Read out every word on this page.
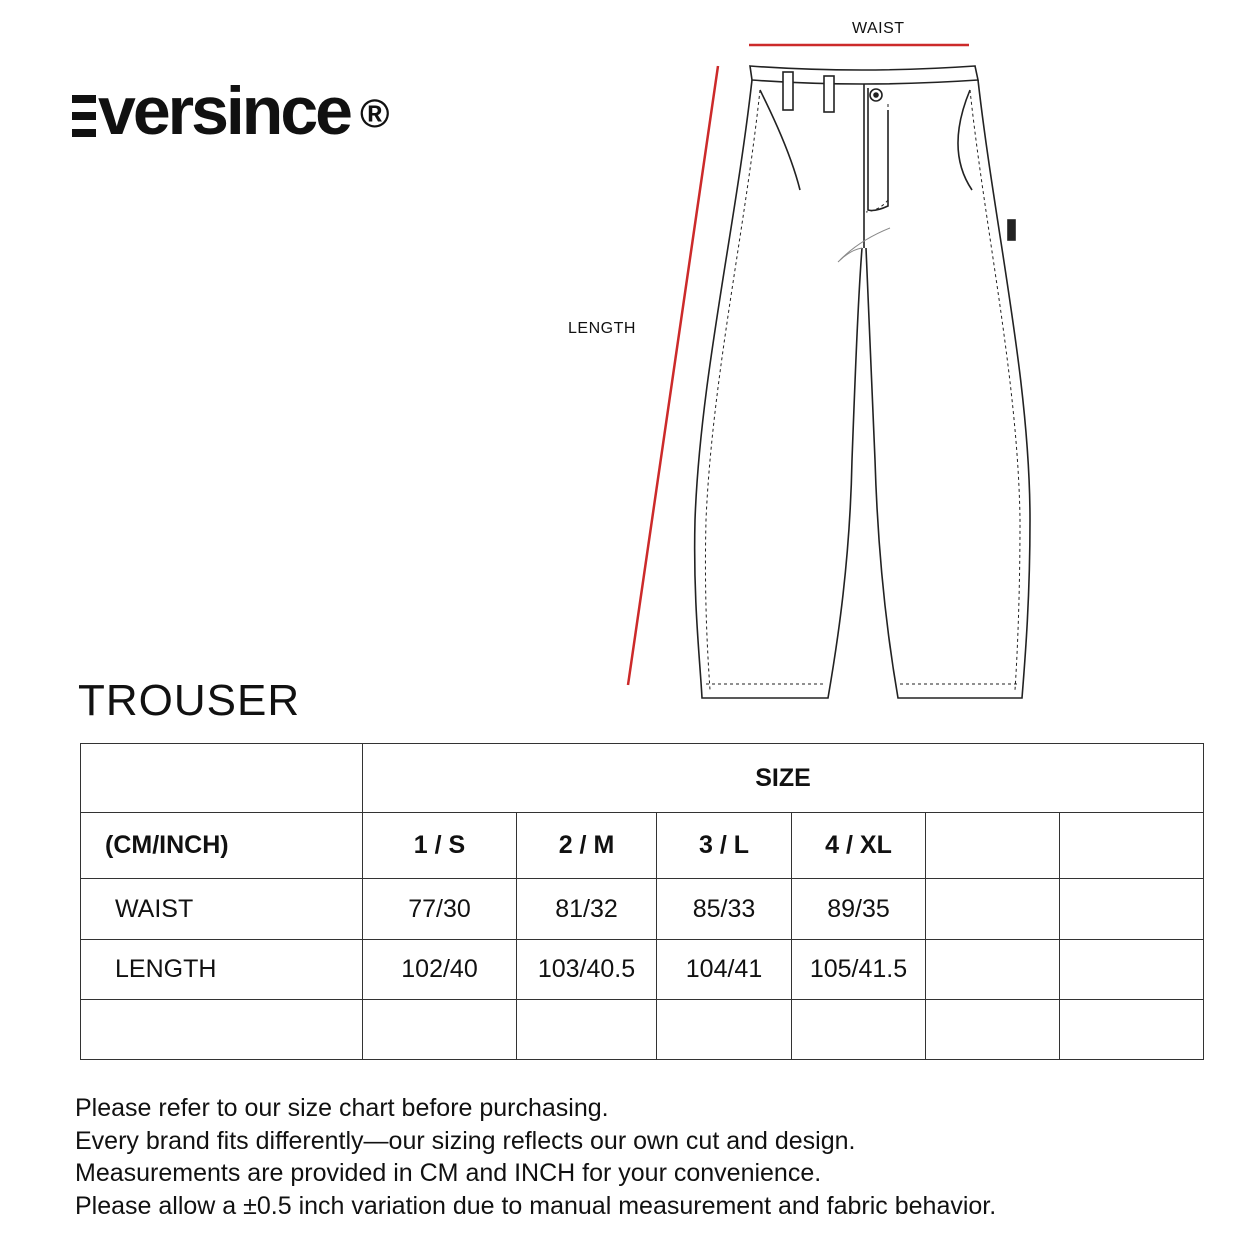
versince ®
WAIST
LENGTH
TROUSER
	SIZE					
(CM/INCH)	1 / S	2 / M	3 / L	4 / XL		
WAIST	77/30	81/32	85/33	89/35		
LENGTH	102/40	103/40.5	104/41	105/41.5		

Please refer to our size chart before purchasing.
Every brand fits differently—our sizing reflects our own cut and design.
Measurements are provided in CM and INCH for your convenience.
Please allow a ±0.5 inch variation due to manual measurement and fabric behavior.
